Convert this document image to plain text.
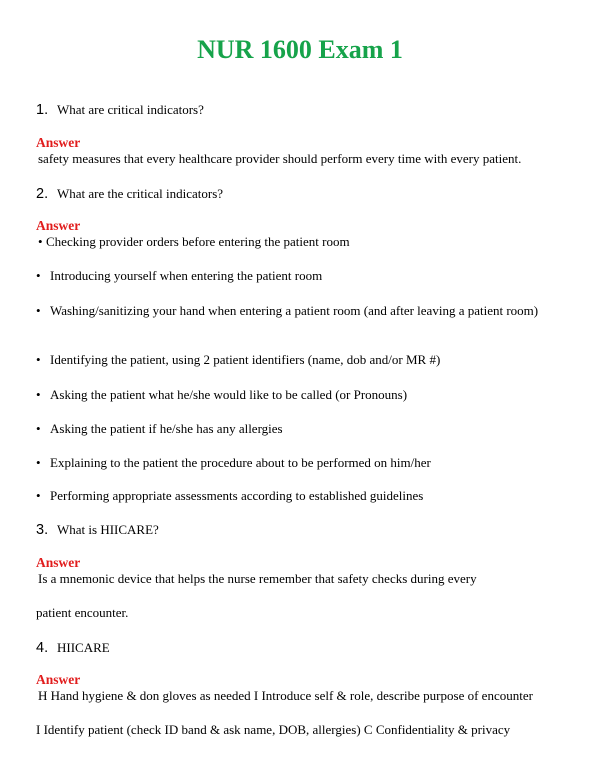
NUR 1600 Exam 1
1. What are critical indicators?
Answer
safety measures that every healthcare provider should perform every time with every patient.
2. What are the critical indicators?
Answer
• Checking provider orders before entering the patient room
• Introducing yourself when entering the patient room
• Washing/sanitizing your hand when entering a patient room (and after leaving a patient room)
• Identifying the patient, using 2 patient identifiers (name, dob and/or MR #)
• Asking the patient what he/she would like to be called (or Pronouns)
• Asking the patient if he/she has any allergies
• Explaining to the patient the procedure about to be performed on him/her
• Performing appropriate assessments according to established guidelines
3. What is HIICARE?
Answer
Is a mnemonic device that helps the nurse remember that safety checks during every
patient encounter.
4. HIICARE
Answer
H Hand hygiene & don gloves as needed I Introduce self & role, describe purpose of encounter
I Identify patient (check ID band & ask name, DOB, allergies) C Confidentiality & privacy
